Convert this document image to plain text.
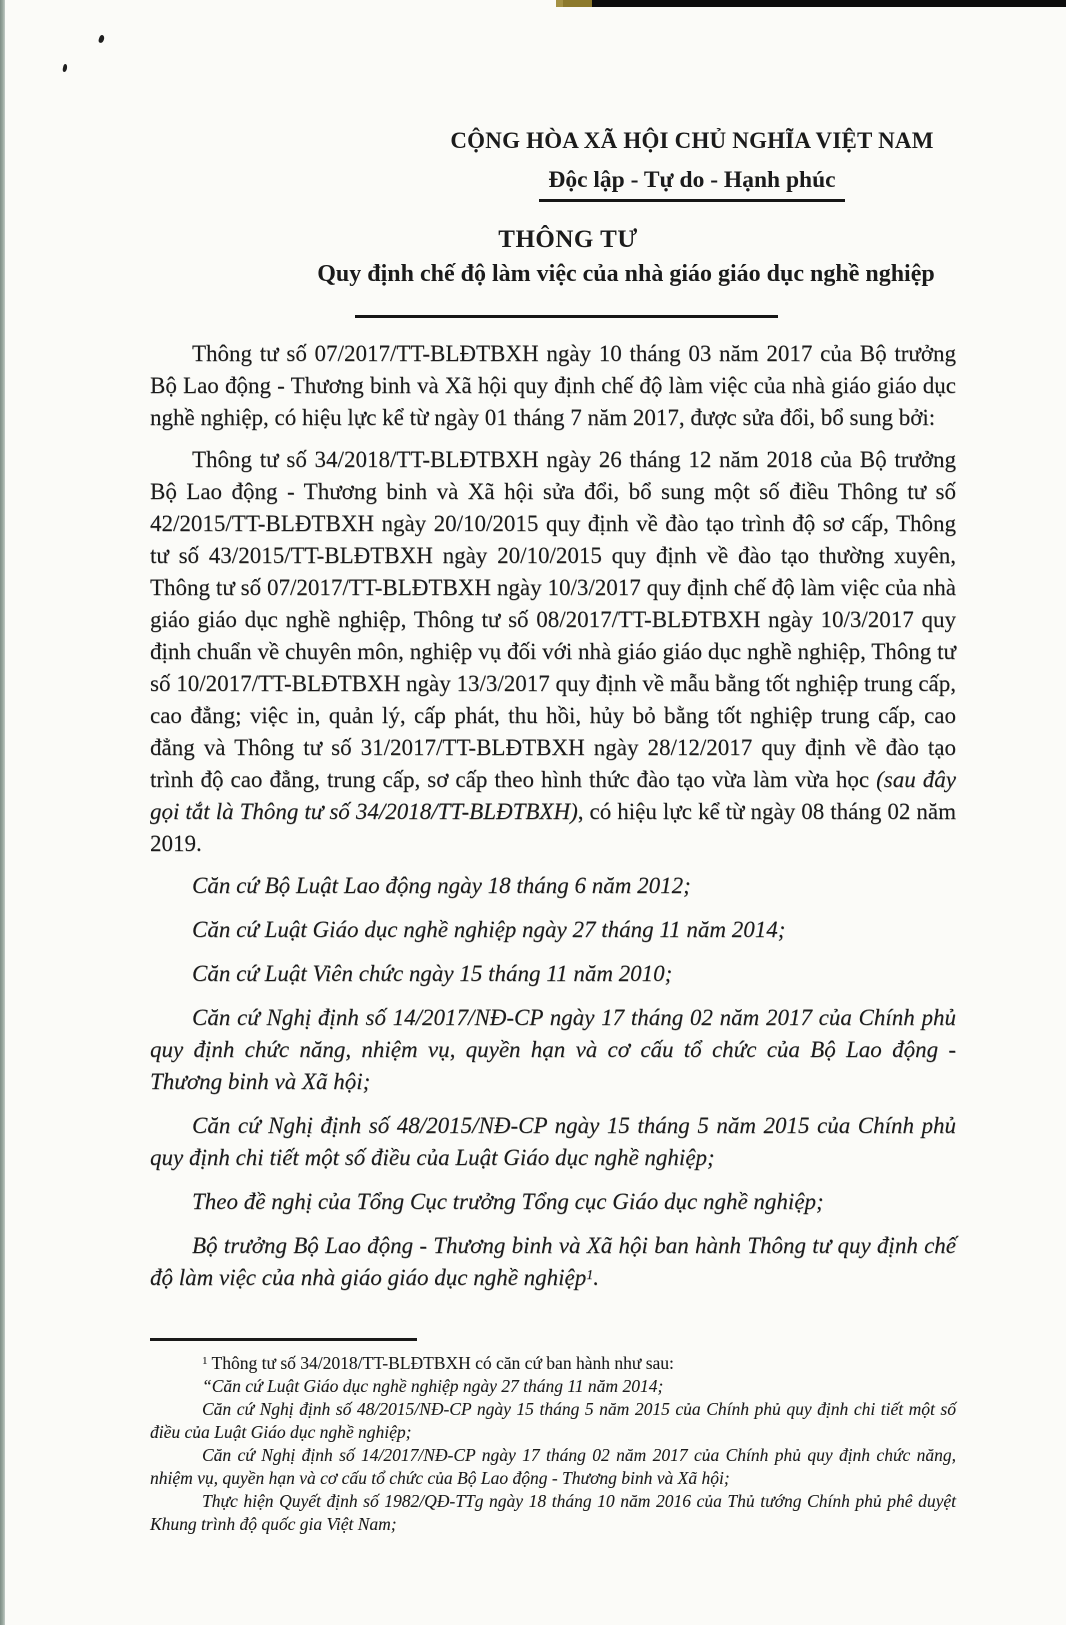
CỘNG HÒA XÃ HỘI CHỦ NGHĨA VIỆT NAM
Độc lập - Tự do - Hạnh phúc
THÔNG TƯ
Quy định chế độ làm việc của nhà giáo giáo dục nghề nghiệp

Thông tư số 07/2017/TT-BLĐTBXH ngày 10 tháng 03 năm 2017 của Bộ trưởng Bộ Lao động - Thương binh và Xã hội quy định chế độ làm việc của nhà giáo giáo dục nghề nghiệp, có hiệu lực kể từ ngày 01 tháng 7 năm 2017, được sửa đổi, bổ sung bởi:

Thông tư số 34/2018/TT-BLĐTBXH ngày 26 tháng 12 năm 2018 của Bộ trưởng Bộ Lao động - Thương binh và Xã hội sửa đổi, bổ sung một số điều Thông tư số 42/2015/TT-BLĐTBXH ngày 20/10/2015 quy định về đào tạo trình độ sơ cấp, Thông tư số 43/2015/TT-BLĐTBXH ngày 20/10/2015 quy định về đào tạo thường xuyên, Thông tư số 07/2017/TT-BLĐTBXH ngày 10/3/2017 quy định chế độ làm việc của nhà giáo giáo dục nghề nghiệp, Thông tư số 08/2017/TT-BLĐTBXH ngày 10/3/2017 quy định chuẩn về chuyên môn, nghiệp vụ đối với nhà giáo giáo dục nghề nghiệp, Thông tư số 10/2017/TT-BLĐTBXH ngày 13/3/2017 quy định về mẫu bằng tốt nghiệp trung cấp, cao đẳng; việc in, quản lý, cấp phát, thu hồi, hủy bỏ bằng tốt nghiệp trung cấp, cao đẳng và Thông tư số 31/2017/TT-BLĐTBXH ngày 28/12/2017 quy định về đào tạo trình độ cao đẳng, trung cấp, sơ cấp theo hình thức đào tạo vừa làm vừa học (sau đây gọi tắt là Thông tư số 34/2018/TT-BLĐTBXH), có hiệu lực kể từ ngày 08 tháng 02 năm 2019.

Căn cứ Bộ Luật Lao động ngày 18 tháng 6 năm 2012;

Căn cứ Luật Giáo dục nghề nghiệp ngày 27 tháng 11 năm 2014;

Căn cứ Luật Viên chức ngày 15 tháng 11 năm 2010;

Căn cứ Nghị định số 14/2017/NĐ-CP ngày 17 tháng 02 năm 2017 của Chính phủ quy định chức năng, nhiệm vụ, quyền hạn và cơ cấu tổ chức của Bộ Lao động - Thương binh và Xã hội;

Căn cứ Nghị định số 48/2015/NĐ-CP ngày 15 tháng 5 năm 2015 của Chính phủ quy định chi tiết một số điều của Luật Giáo dục nghề nghiệp;

Theo đề nghị của Tổng Cục trưởng Tổng cục Giáo dục nghề nghiệp;

Bộ trưởng Bộ Lao động - Thương binh và Xã hội ban hành Thông tư quy định chế độ làm việc của nhà giáo giáo dục nghề nghiệp$^1$.

$^1$ Thông tư số 34/2018/TT-BLĐTBXH có căn cứ ban hành như sau:

“Căn cứ Luật Giáo dục nghề nghiệp ngày 27 tháng 11 năm 2014;

Căn cứ Nghị định số 48/2015/NĐ-CP ngày 15 tháng 5 năm 2015 của Chính phủ quy định chi tiết một số điều của Luật Giáo dục nghề nghiệp;

Căn cứ Nghị định số 14/2017/NĐ-CP ngày 17 tháng 02 năm 2017 của Chính phủ quy định chức năng, nhiệm vụ, quyền hạn và cơ cấu tổ chức của Bộ Lao động - Thương binh và Xã hội;

Thực hiện Quyết định số 1982/QĐ-TTg ngày 18 tháng 10 năm 2016 của Thủ tướng Chính phủ phê duyệt Khung trình độ quốc gia Việt Nam;
